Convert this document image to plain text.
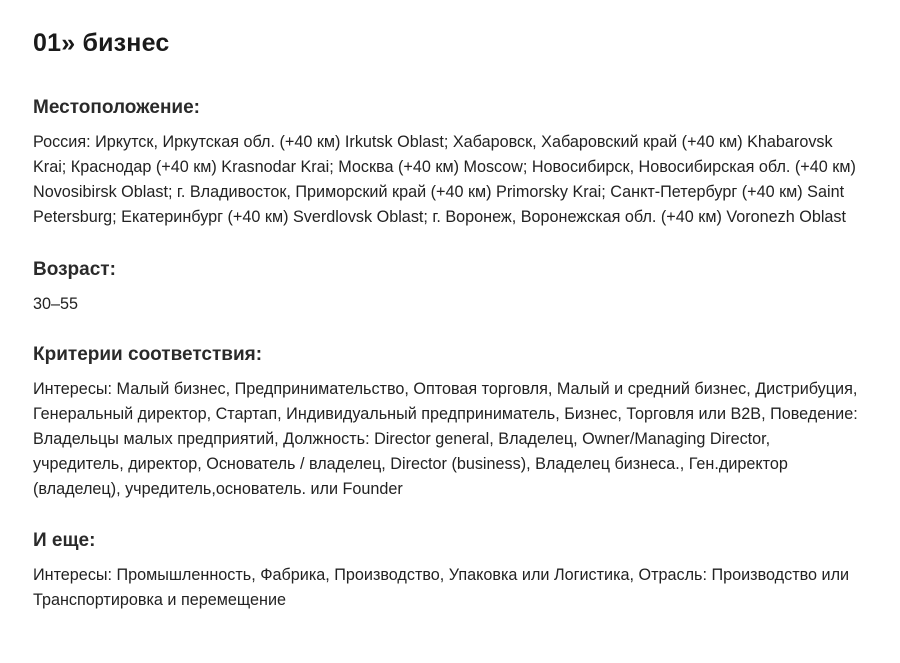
01» бизнес
Местоположение:

Россия: Иркутск, Иркутская обл. (+40 км) Irkutsk Oblast; Хабаровск, Хабаровский край (+40 км) Khabarovsk Krai; Краснодар (+40 км) Krasnodar Krai; Москва (+40 км) Moscow; Новосибирск, Новосибирская обл. (+40 км) Novosibirsk Oblast; г. Владивосток, Приморский край (+40 км) Primorsky Krai; Санкт-Петербург (+40 км) Saint Petersburg; Екатеринбург (+40 км) Sverdlovsk Oblast; г. Воронеж, Воронежская обл. (+40 км) Voronezh Oblast

Возраст:

30–55

Критерии соответствия:

Интересы: Малый бизнес, Предпринимательство, Оптовая торговля, Малый и средний бизнес, Дистрибуция, Генеральный директор, Стартап, Индивидуальный предприниматель, Бизнес, Торговля или B2B, Поведение: Владельцы малых предприятий, Должность: Director general, Владелец, Owner/Managing Director, учредитель, директор, Основатель / владелец, Director (business), Владелец бизнеса., Ген.директор (владелец), учредитель,основатель. или Founder

И еще:

Интересы: Промышленность, Фабрика, Производство, Упаковка или Логистика, Отрасль: Производство или Транспортировка и перемещение
